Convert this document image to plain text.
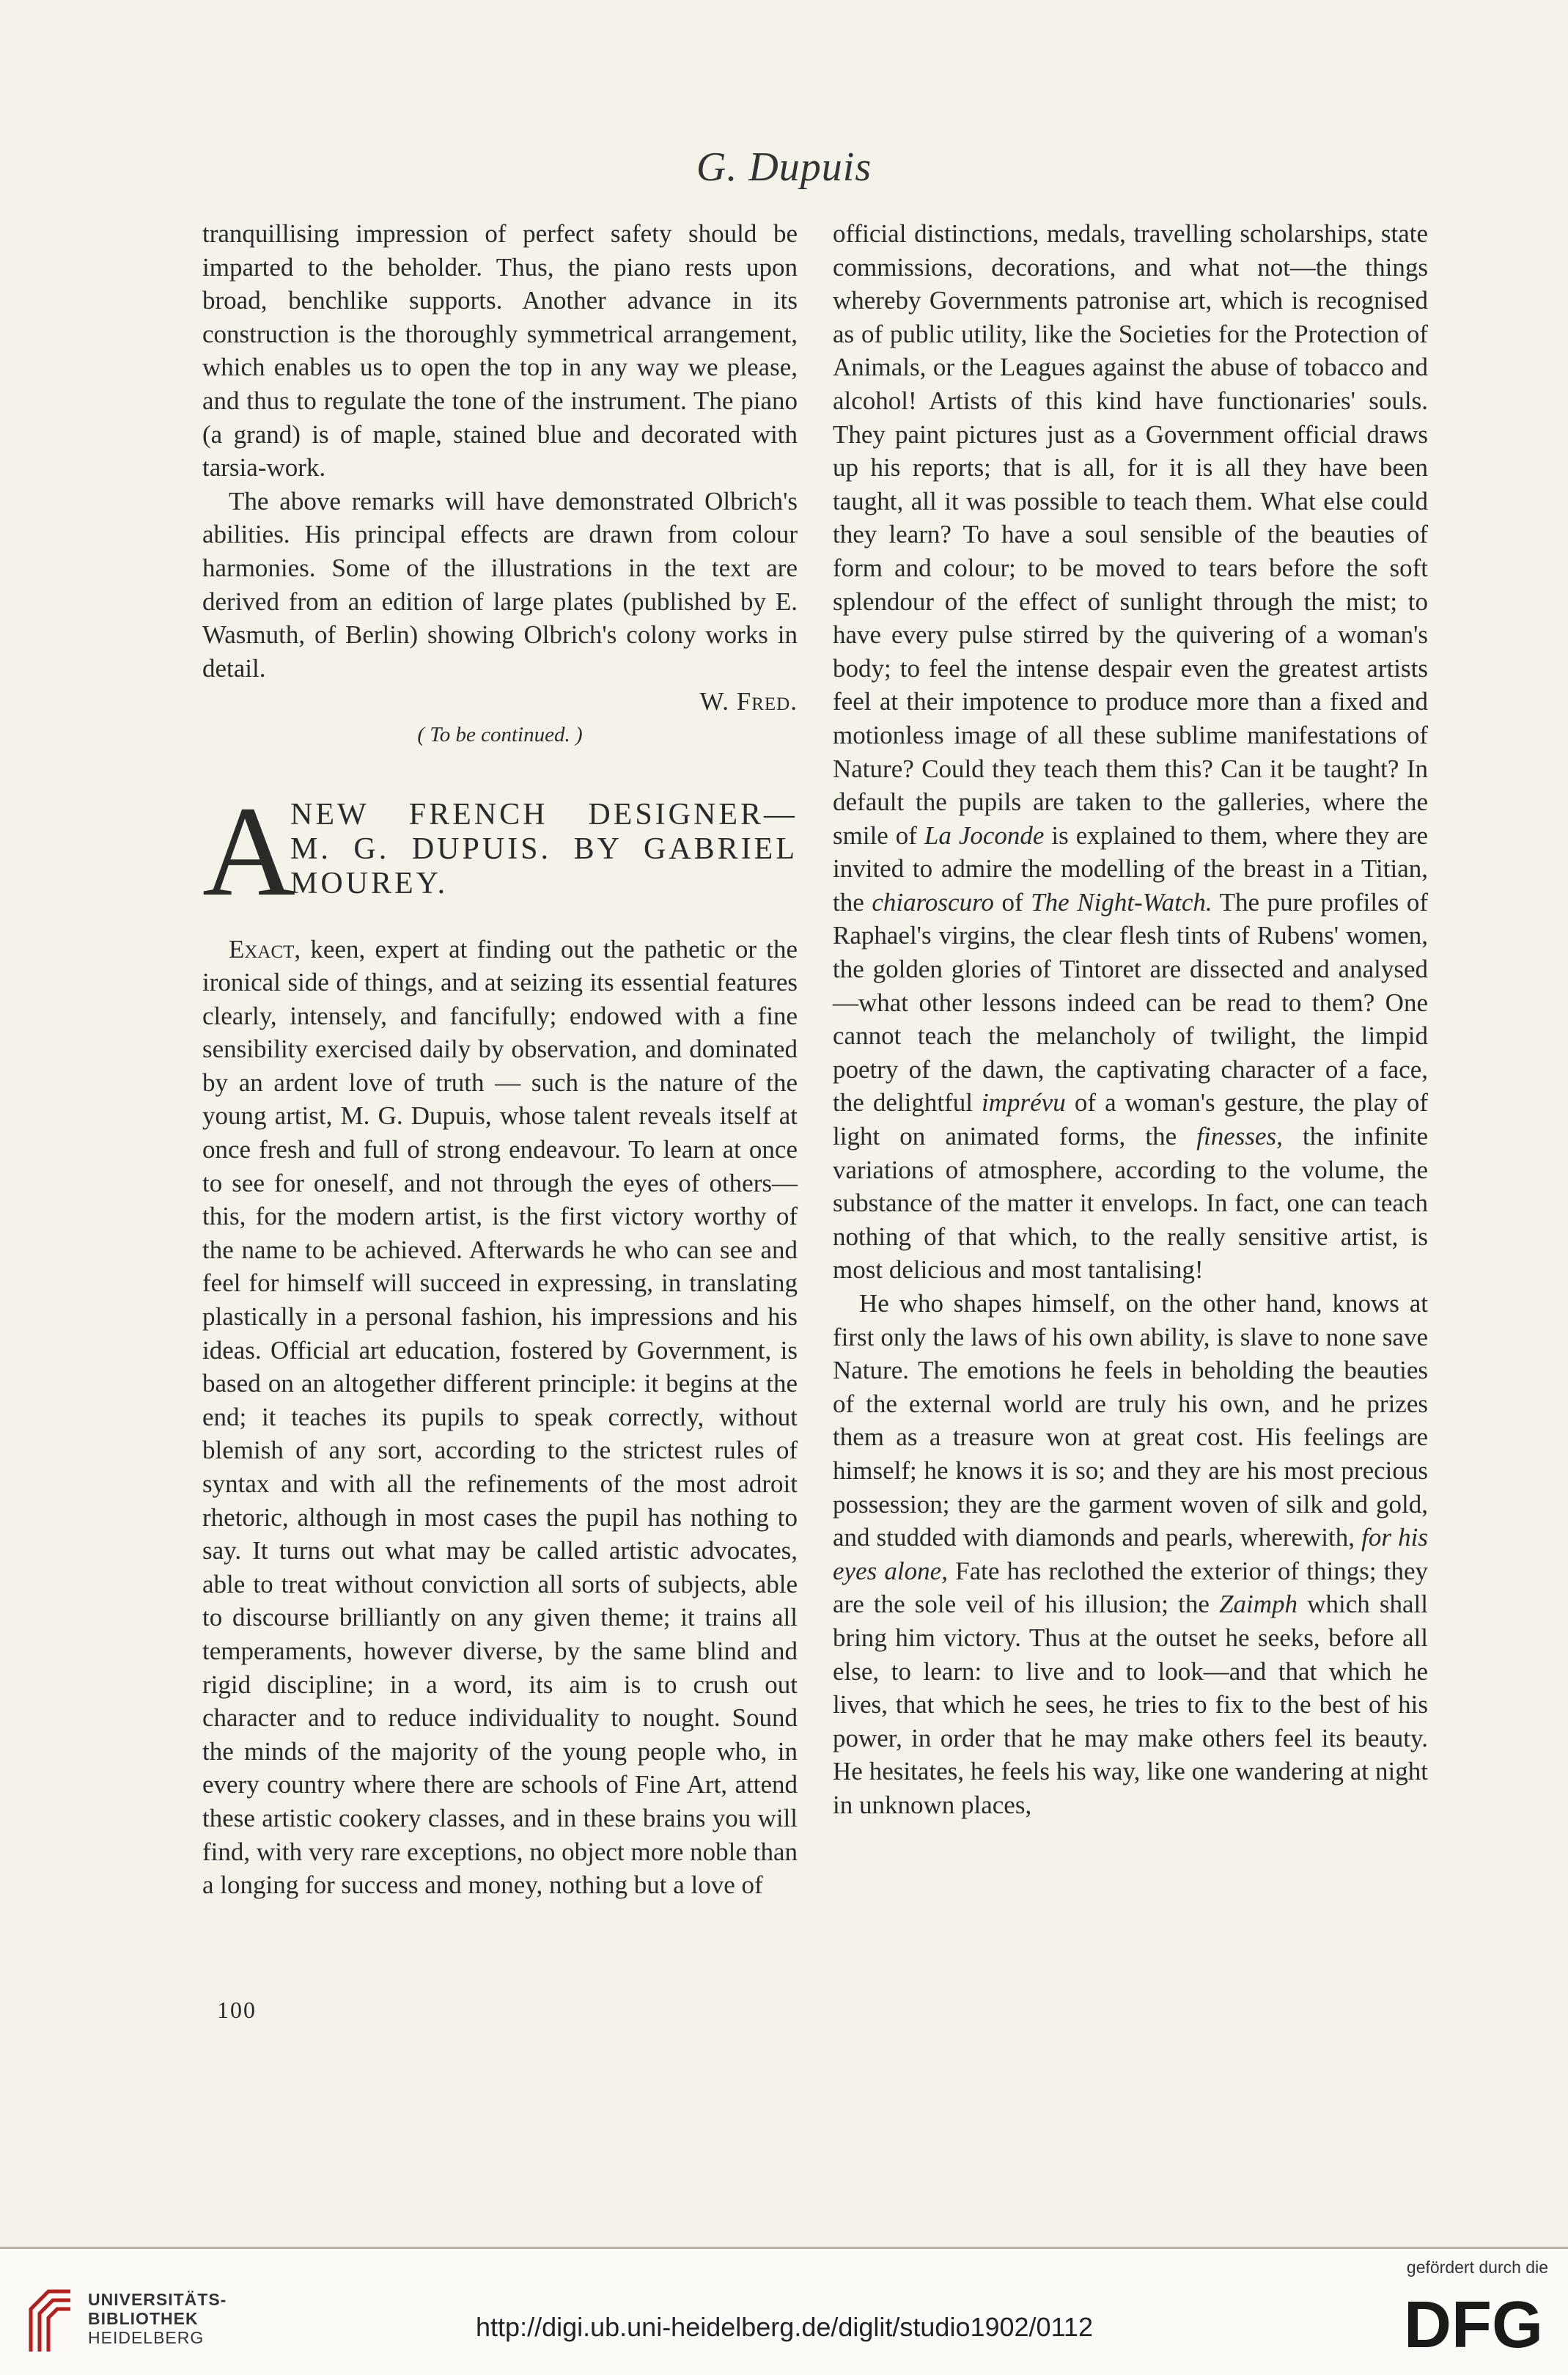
G. Dupuis

tranquillising impression of perfect safety should be imparted to the beholder. Thus, the piano rests upon broad, benchlike supports. Another advance in its construction is the thoroughly symmetrical arrangement, which enables us to open the top in any way we please, and thus to regulate the tone of the instrument. The piano (a grand) is of maple, stained blue and decorated with tarsia-work.

The above remarks will have demonstrated Olbrich's abilities. His principal effects are drawn from colour harmonies. Some of the illustrations in the text are derived from an edition of large plates (published by E. Wasmuth, of Berlin) showing Olbrich's colony works in detail.

W. Fred.

( To be continued. )

A
NEW FRENCH DESIGNER—
M. G. DUPUIS. BY GABRIEL
MOUREY.

Exact, keen, expert at finding out the pathetic or the ironical side of things, and at seizing its essential features clearly, intensely, and fancifully; endowed with a fine sensibility exercised daily by observation, and dominated by an ardent love of truth — such is the nature of the young artist, M. G. Dupuis, whose talent reveals itself at once fresh and full of strong endeavour. To learn at once to see for oneself, and not through the eyes of others—this, for the modern artist, is the first victory worthy of the name to be achieved. Afterwards he who can see and feel for himself will succeed in expressing, in translating plastically in a personal fashion, his impressions and his ideas. Official art education, fostered by Government, is based on an altogether different principle: it begins at the end; it teaches its pupils to speak correctly, without blemish of any sort, according to the strictest rules of syntax and with all the refinements of the most adroit rhetoric, although in most cases the pupil has nothing to say. It turns out what may be called artistic advocates, able to treat without conviction all sorts of subjects, able to discourse brilliantly on any given theme; it trains all temperaments, however diverse, by the same blind and rigid discipline; in a word, its aim is to crush out character and to reduce individuality to nought. Sound the minds of the majority of the young people who, in every country where there are schools of Fine Art, attend these artistic cookery classes, and in these brains you will find, with very rare exceptions, no object more noble than a longing for success and money, nothing but a love of

official distinctions, medals, travelling scholarships, state commissions, decorations, and what not—the things whereby Governments patronise art, which is recognised as of public utility, like the Societies for the Protection of Animals, or the Leagues against the abuse of tobacco and alcohol! Artists of this kind have functionaries' souls. They paint pictures just as a Government official draws up his reports; that is all, for it is all they have been taught, all it was possible to teach them. What else could they learn? To have a soul sensible of the beauties of form and colour; to be moved to tears before the soft splendour of the effect of sunlight through the mist; to have every pulse stirred by the quivering of a woman's body; to feel the intense despair even the greatest artists feel at their impotence to produce more than a fixed and motionless image of all these sublime manifestations of Nature? Could they teach them this? Can it be taught? In default the pupils are taken to the galleries, where the smile of La Joconde is explained to them, where they are invited to admire the modelling of the breast in a Titian, the chiaroscuro of The Night-Watch. The pure profiles of Raphael's virgins, the clear flesh tints of Rubens' women, the golden glories of Tintoret are dissected and analysed—what other lessons indeed can be read to them? One cannot teach the melancholy of twilight, the limpid poetry of the dawn, the captivating character of a face, the delightful imprévu of a woman's gesture, the play of light on animated forms, the finesses, the infinite variations of atmosphere, according to the volume, the substance of the matter it envelops. In fact, one can teach nothing of that which, to the really sensitive artist, is most delicious and most tantalising!

He who shapes himself, on the other hand, knows at first only the laws of his own ability, is slave to none save Nature. The emotions he feels in beholding the beauties of the external world are truly his own, and he prizes them as a treasure won at great cost. His feelings are himself; he knows it is so; and they are his most precious possession; they are the garment woven of silk and gold, and studded with diamonds and pearls, wherewith, for his eyes alone, Fate has reclothed the exterior of things; they are the sole veil of his illusion; the Zaimph which shall bring him victory. Thus at the outset he seeks, before all else, to learn: to live and to look—and that which he lives, that which he sees, he tries to fix to the best of his power, in order that he may make others feel its beauty. He hesitates, he feels his way, like one wandering at night in unknown places,

100
UNIVERSITÄTS-
BIBLIOTHEK
HEIDELBERG	http://digi.ub.uni-heidelberg.de/diglit/studio1902/0112
gefördert durch die
DFG
